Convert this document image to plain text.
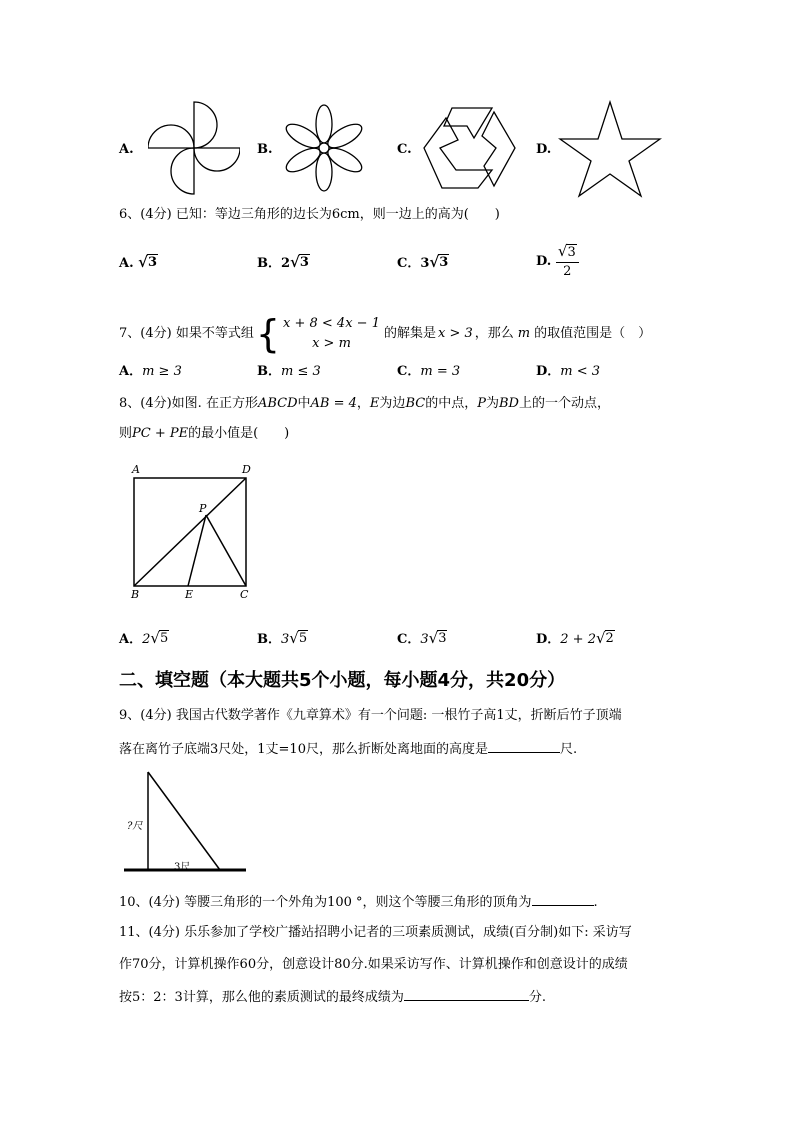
A.	B.	C.	D.
6、(4分) 已知：等边三角形的边长为6cm，则一边上的高为(　　)
A. √ 3	B．2 √ 3	C．3 √ 3	D.
$\frac{√ 3}{2}$
7、(4分) 如果不等式组 { x + 8 < 4x − 1
x > m
的解集是 x > 3 ，那么 m 的取值范围是（　）
A．m ≥ 3	B．m ≤ 3	C．m = 3	D．m < 3
8、(4分)如图. 在正方形ABCD中AB = 4，E为边BC的中点，P为BD上的一个动点，
则PC + PE的最小值是(　　)
A	D
P
B	E	C
A．2 √ 5	B．3 √ 5	C．3 √ 3	D．2 + 2 √ 2
二、填空题（本大题共5个小题，每小题4分，共20分）
9、(4分) 我国古代数学著作《九章算术》有一个问题: 一根竹子高1丈，折断后竹子顶端
落在离竹子底端3尺处，1丈=10尺，那么折断处离地面的高度是	尺.
?尺
3尺
10、(4分) 等腰三角形的一个外角为100 °，则这个等腰三角形的顶角为	.
11、(4分) 乐乐参加了学校广播站招聘小记者的三项素质测试，成绩(百分制)如下: 采访写
作70分，计算机操作60分，创意设计80分.如果采访写作、计算机操作和创意设计的成绩
按5：2：3计算，那么他的素质测试的最终成绩为	分.
